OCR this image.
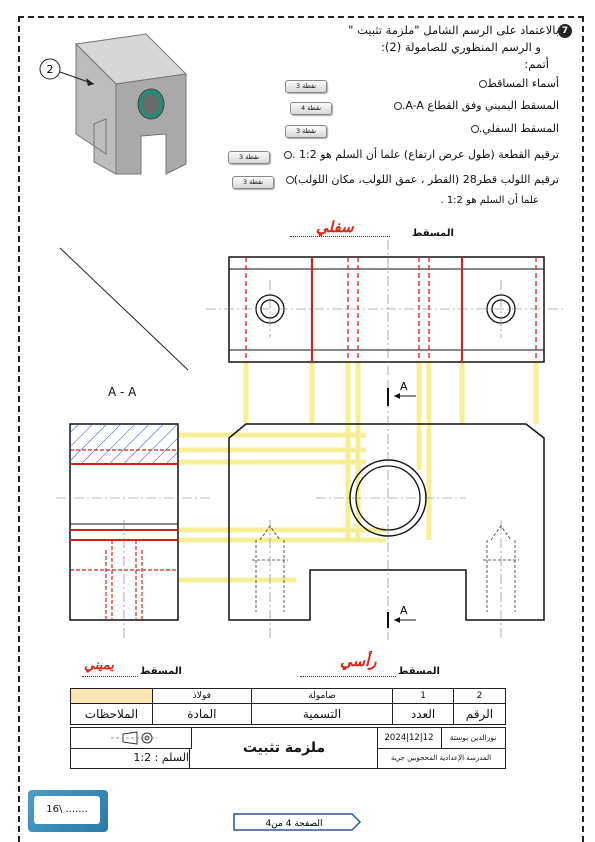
7
بالاعتماد على الرسم الشامل "ملزمة تثبيت "
و الرسم المنظوري للصامولة (2):
أتمم:
أسماء المساقط
3 نقطة
المسقط اليميني وفق القطاع A-A.
4 نقطة
المسقط السفلي.
3 نقطة
ترقيم القطعة (طول عرض ارتفاع) علما أن السلم هو 1:2 .
3 نقطة
ترقيم اللولب قطر28 (القطر ، عمق اللولب، مكان اللولب)
3 نقطة
علما أن السلم هو 1:2 .
2
المسقط
سفلي
A - A
المسقط
رأسي
المسقط
يميني
A
A
	فولاذ	صامولة	1	2
الملاحظات	المادة	التسمية	العدد	الرقم
السلم : 1:2
ملزمة تثبيت
2024|12|12	نورالدين بوستة
المدرسة الإعدادية المحجوبين جرية
16\ .......
الصفحة 4 من4
